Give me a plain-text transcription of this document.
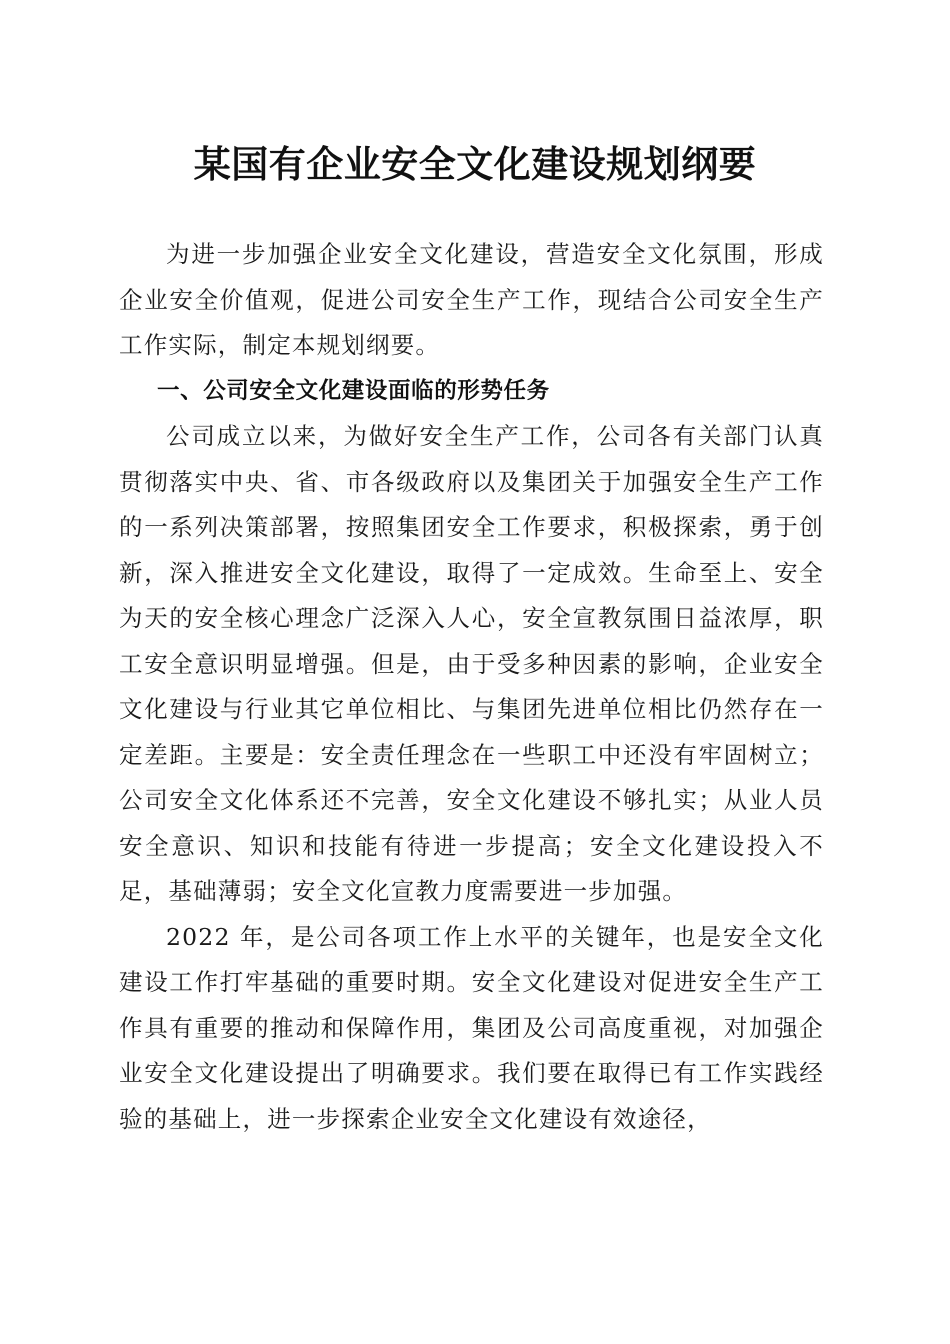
某国有企业安全文化建设规划纲要

为进一步加强企业安全文化建设，营造安全文化氛围，形成企业安全价值观，促进公司安全生产工作，现结合公司安全生产工作实际，制定本规划纲要。

一、公司安全文化建设面临的形势任务

公司成立以来，为做好安全生产工作，公司各有关部门认真贯彻落实中央、省、市各级政府以及集团关于加强安全生产工作的一系列决策部署，按照集团安全工作要求，积极探索，勇于创新，深入推进安全文化建设，取得了一定成效。生命至上、安全为天的安全核心理念广泛深入人心，安全宣教氛围日益浓厚，职工安全意识明显增强。但是，由于受多种因素的影响，企业安全文化建设与行业其它单位相比、与集团先进单位相比仍然存在一定差距。主要是：安全责任理念在一些职工中还没有牢固树立；公司安全文化体系还不完善，安全文化建设不够扎实；从业人员安全意识、知识和技能有待进一步提高；安全文化建设投入不足，基础薄弱；安全文化宣教力度需要进一步加强。

2022 年，是公司各项工作上水平的关键年，也是安全文化建设工作打牢基础的重要时期。安全文化建设对促进安全生产工作具有重要的推动和保障作用，集团及公司高度重视，对加强企业安全文化建设提出了明确要求。我们要在取得已有工作实践经验的基础上，进一步探索企业安全文化建设有效途径，
